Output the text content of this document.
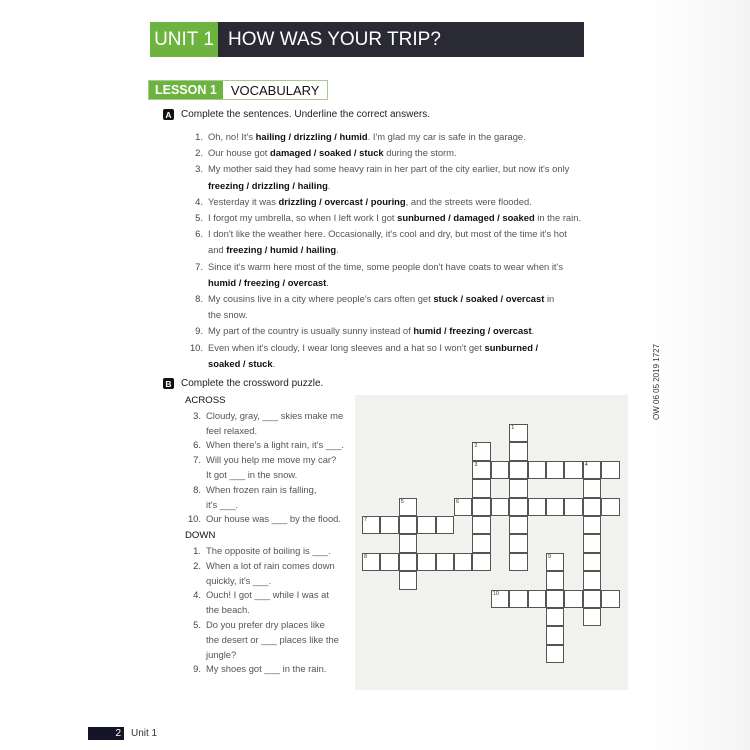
UNIT 1 HOW WAS YOUR TRIP?
LESSON 1	VOCABULARY
A Complete the sentences. Underline the correct answers.
1. Oh, no! It's hailing / drizzling / humid. I'm glad my car is safe in the garage.
2. Our house got damaged / soaked / stuck during the storm.
3. My mother said they had some heavy rain in her part of the city earlier, but now it's only
freezing / drizzling / hailing.
4. Yesterday it was drizzling / overcast / pouring, and the streets were flooded.
5. I forgot my umbrella, so when I left work I got sunburned / damaged / soaked in the rain.
6. I don't like the weather here. Occasionally, it's cool and dry, but most of the time it's hot
and freezing / humid / hailing.
7. Since it's warm here most of the time, some people don't have coats to wear when it's
humid / freezing / overcast.
8. My cousins live in a city where people's cars often get stuck / soaked / overcast in
the snow.
9. My part of the country is usually sunny instead of humid / freezing / overcast.
10. Even when it's cloudy, I wear long sleeves and a hat so I won't get sunburned /
soaked / stuck.
B Complete the crossword puzzle.
ACROSS
3. Cloudy, gray, ___ skies make me
feel relaxed.
6. When there's a light rain, it's ___.
7. Will you help me move my car?
It got ___ in the snow.
8. When frozen rain is falling,
it's ___.
10. Our house was ___ by the flood.
DOWN
1. The opposite of boiling is ___.
2. When a lot of rain comes down
quickly, it's ___.
4. Ouch! I got ___ while I was at
the beach.
5. Do you prefer dry places like
the desert or ___ places like the
jungle?
9. My shoes got ___ in the rain.
1
2
3	4
5	6
7
8	9
10
OW 06 05 2019 1727
2	Unit 1
